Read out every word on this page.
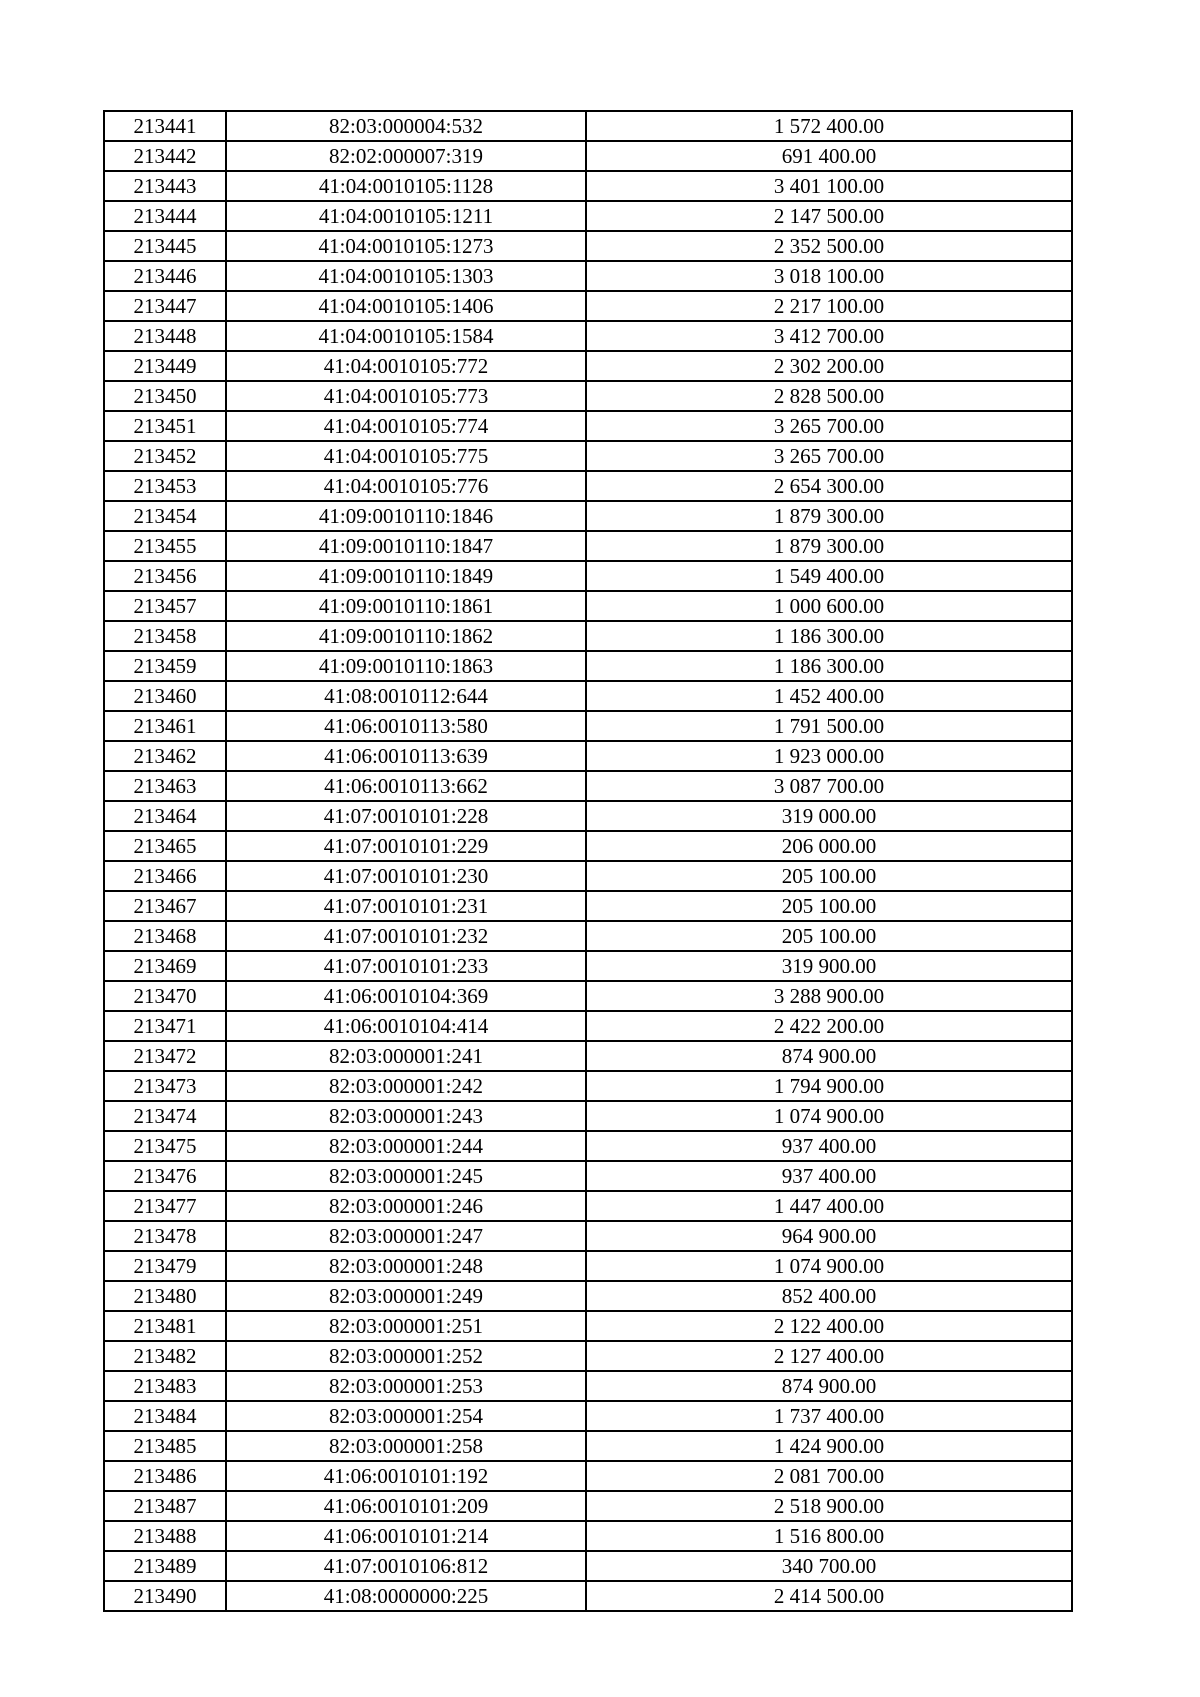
213441	82:03:000004:532	1 572 400.00
213442	82:02:000007:319	691 400.00
213443	41:04:0010105:1128	3 401 100.00
213444	41:04:0010105:1211	2 147 500.00
213445	41:04:0010105:1273	2 352 500.00
213446	41:04:0010105:1303	3 018 100.00
213447	41:04:0010105:1406	2 217 100.00
213448	41:04:0010105:1584	3 412 700.00
213449	41:04:0010105:772	2 302 200.00
213450	41:04:0010105:773	2 828 500.00
213451	41:04:0010105:774	3 265 700.00
213452	41:04:0010105:775	3 265 700.00
213453	41:04:0010105:776	2 654 300.00
213454	41:09:0010110:1846	1 879 300.00
213455	41:09:0010110:1847	1 879 300.00
213456	41:09:0010110:1849	1 549 400.00
213457	41:09:0010110:1861	1 000 600.00
213458	41:09:0010110:1862	1 186 300.00
213459	41:09:0010110:1863	1 186 300.00
213460	41:08:0010112:644	1 452 400.00
213461	41:06:0010113:580	1 791 500.00
213462	41:06:0010113:639	1 923 000.00
213463	41:06:0010113:662	3 087 700.00
213464	41:07:0010101:228	319 000.00
213465	41:07:0010101:229	206 000.00
213466	41:07:0010101:230	205 100.00
213467	41:07:0010101:231	205 100.00
213468	41:07:0010101:232	205 100.00
213469	41:07:0010101:233	319 900.00
213470	41:06:0010104:369	3 288 900.00
213471	41:06:0010104:414	2 422 200.00
213472	82:03:000001:241	874 900.00
213473	82:03:000001:242	1 794 900.00
213474	82:03:000001:243	1 074 900.00
213475	82:03:000001:244	937 400.00
213476	82:03:000001:245	937 400.00
213477	82:03:000001:246	1 447 400.00
213478	82:03:000001:247	964 900.00
213479	82:03:000001:248	1 074 900.00
213480	82:03:000001:249	852 400.00
213481	82:03:000001:251	2 122 400.00
213482	82:03:000001:252	2 127 400.00
213483	82:03:000001:253	874 900.00
213484	82:03:000001:254	1 737 400.00
213485	82:03:000001:258	1 424 900.00
213486	41:06:0010101:192	2 081 700.00
213487	41:06:0010101:209	2 518 900.00
213488	41:06:0010101:214	1 516 800.00
213489	41:07:0010106:812	340 700.00
213490	41:08:0000000:225	2 414 500.00
